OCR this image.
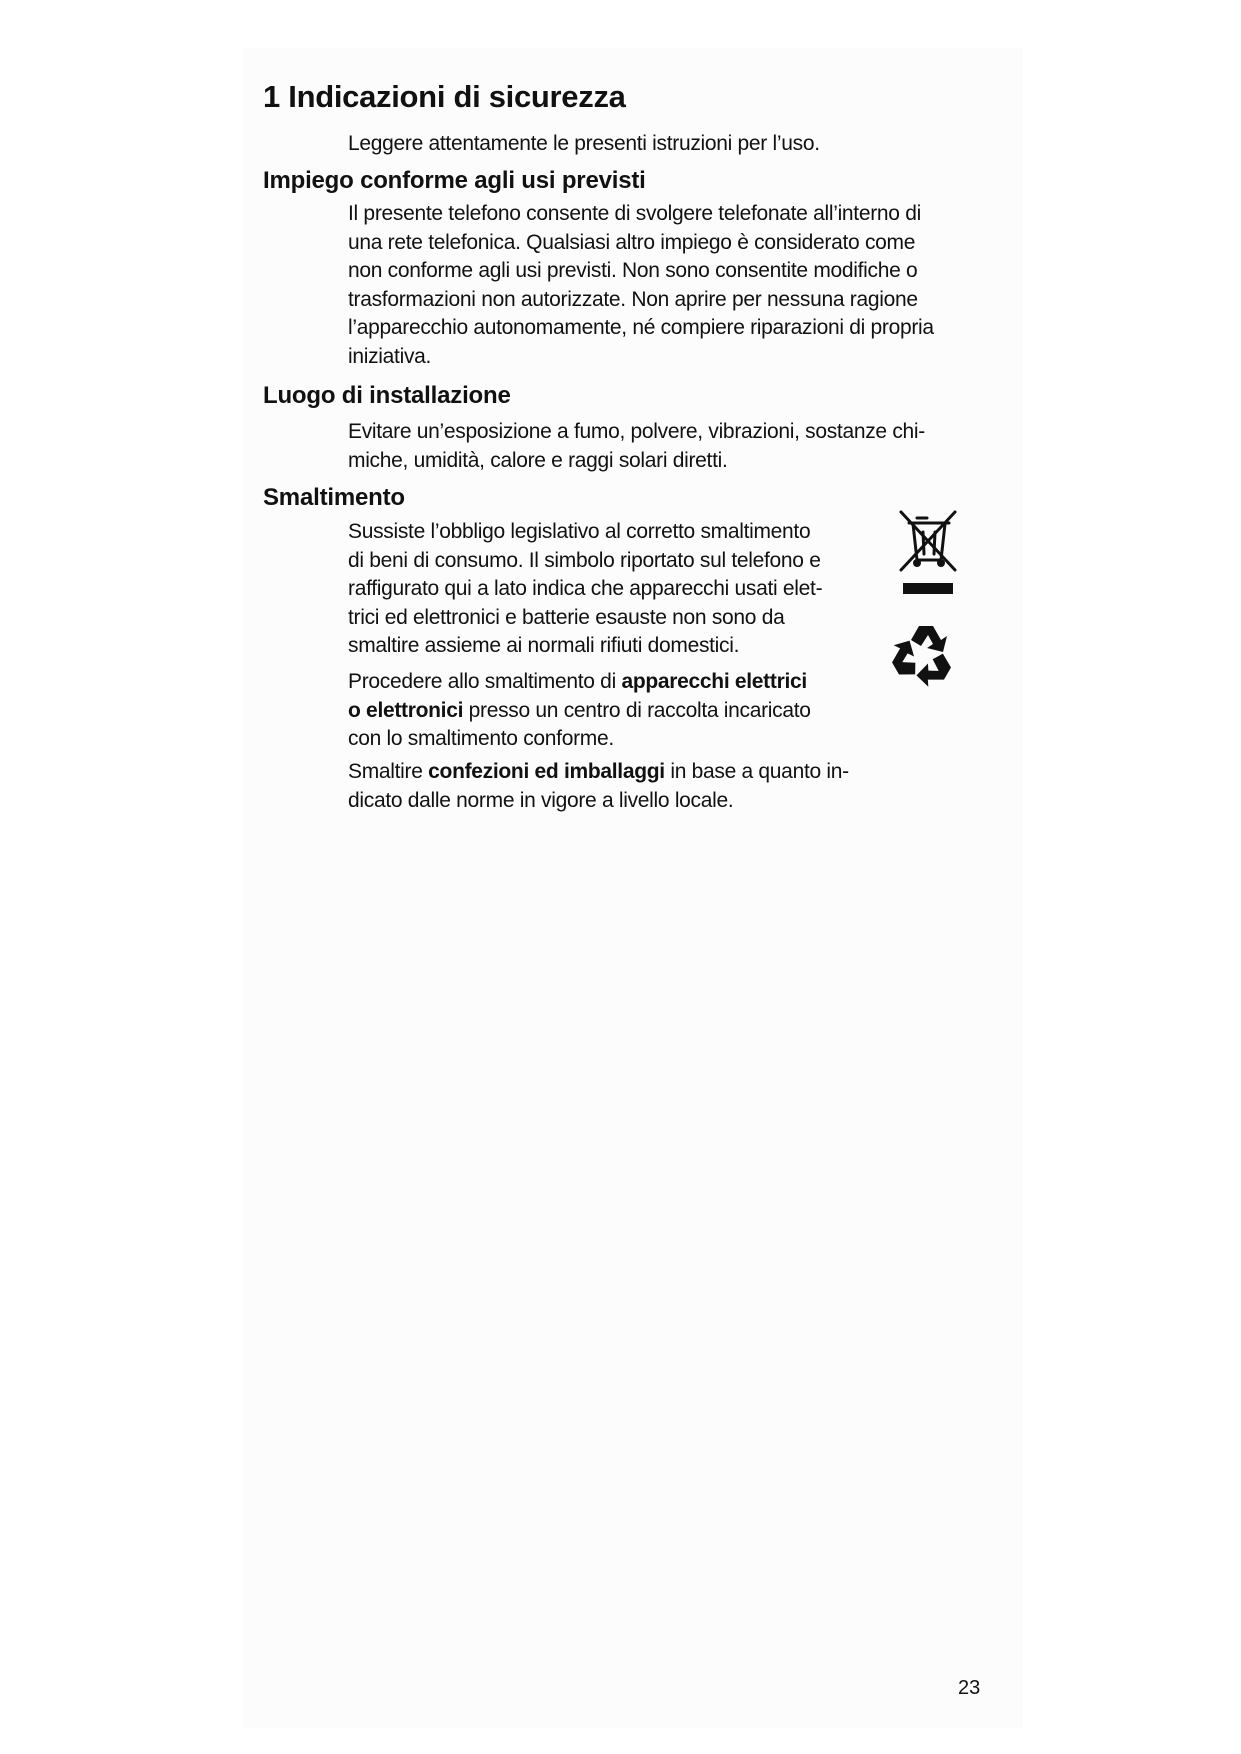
1 Indicazioni di sicurezza

Leggere attentamente le presenti istruzioni per l’uso.

Impiego conforme agli usi previsti

Il presente telefono consente di svolgere telefonate all’interno di
una rete telefonica. Qualsiasi altro impiego è considerato come
non conforme agli usi previsti. Non sono consentite modifiche o
trasformazioni non autorizzate. Non aprire per nessuna ragione
l’apparecchio autonomamente, né compiere riparazioni di propria
iniziativa.

Luogo di installazione

Evitare un’esposizione a fumo, polvere, vibrazioni, sostanze chi-
miche, umidità, calore e raggi solari diretti.

Smaltimento

Sussiste l’obbligo legislativo al corretto smaltimento
di beni di consumo. Il simbolo riportato sul telefono e
raffigurato qui a lato indica che apparecchi usati elet-
trici ed elettronici e batterie esauste non sono da
smaltire assieme ai normali rifiuti domestici.

Procedere allo smaltimento di apparecchi elettrici
o elettronici presso un centro di raccolta incaricato
con lo smaltimento conforme.

Smaltire confezioni ed imballaggi in base a quanto in-
dicato dalle norme in vigore a livello locale.

23
